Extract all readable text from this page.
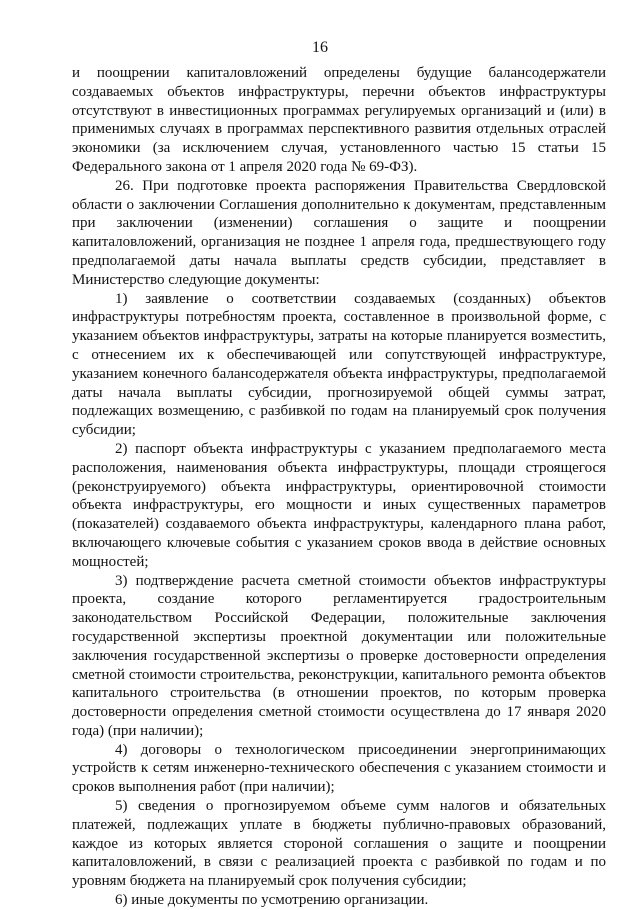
16

и поощрении капиталовложений определены будущие балансодержатели создаваемых объектов инфраструктуры, перечни объектов инфраструктуры отсутствуют в инвестиционных программах регулируемых организаций и (или) в применимых случаях в программах перспективного развития отдельных отраслей экономики (за исключением случая, установленного частью 15 статьи 15 Федерального закона от 1 апреля 2020 года № 69-ФЗ).

26. При подготовке проекта распоряжения Правительства Свердловской области о заключении Соглашения дополнительно к документам, представленным при заключении (изменении) соглашения о защите и поощрении капиталовложений, организация не позднее 1 апреля года, предшествующего году предполагаемой даты начала выплаты средств субсидии, представляет в Министерство следующие документы:

1) заявление о соответствии создаваемых (созданных) объектов инфраструктуры потребностям проекта, составленное в произвольной форме, с указанием объектов инфраструктуры, затраты на которые планируется возместить, с отнесением их к обеспечивающей или сопутствующей инфраструктуре, указанием конечного балансодержателя объекта инфраструктуры, предполагаемой даты начала выплаты субсидии, прогнозируемой общей суммы затрат, подлежащих возмещению, с разбивкой по годам на планируемый срок получения субсидии;

2) паспорт объекта инфраструктуры с указанием предполагаемого места расположения, наименования объекта инфраструктуры, площади строящегося (реконструируемого) объекта инфраструктуры, ориентировочной стоимости объекта инфраструктуры, его мощности и иных существенных параметров (показателей) создаваемого объекта инфраструктуры, календарного плана работ, включающего ключевые события с указанием сроков ввода в действие основных мощностей;

3) подтверждение расчета сметной стоимости объектов инфраструктуры проекта, создание которого регламентируется градостроительным законодательством Российской Федерации, положительные заключения государственной экспертизы проектной документации или положительные заключения государственной экспертизы о проверке достоверности определения сметной стоимости строительства, реконструкции, капитального ремонта объектов капитального строительства (в отношении проектов, по которым проверка достоверности определения сметной стоимости осуществлена до 17 января 2020 года) (при наличии);

4) договоры о технологическом присоединении энергопринимающих устройств к сетям инженерно-технического обеспечения с указанием стоимости и сроков выполнения работ (при наличии);

5) сведения о прогнозируемом объеме сумм налогов и обязательных платежей, подлежащих уплате в бюджеты публично-правовых образований, каждое из которых является стороной соглашения о защите и поощрении капиталовложений, в связи с реализацией проекта с разбивкой по годам и по уровням бюджета на планируемый срок получения субсидии;

6) иные документы по усмотрению организации.
